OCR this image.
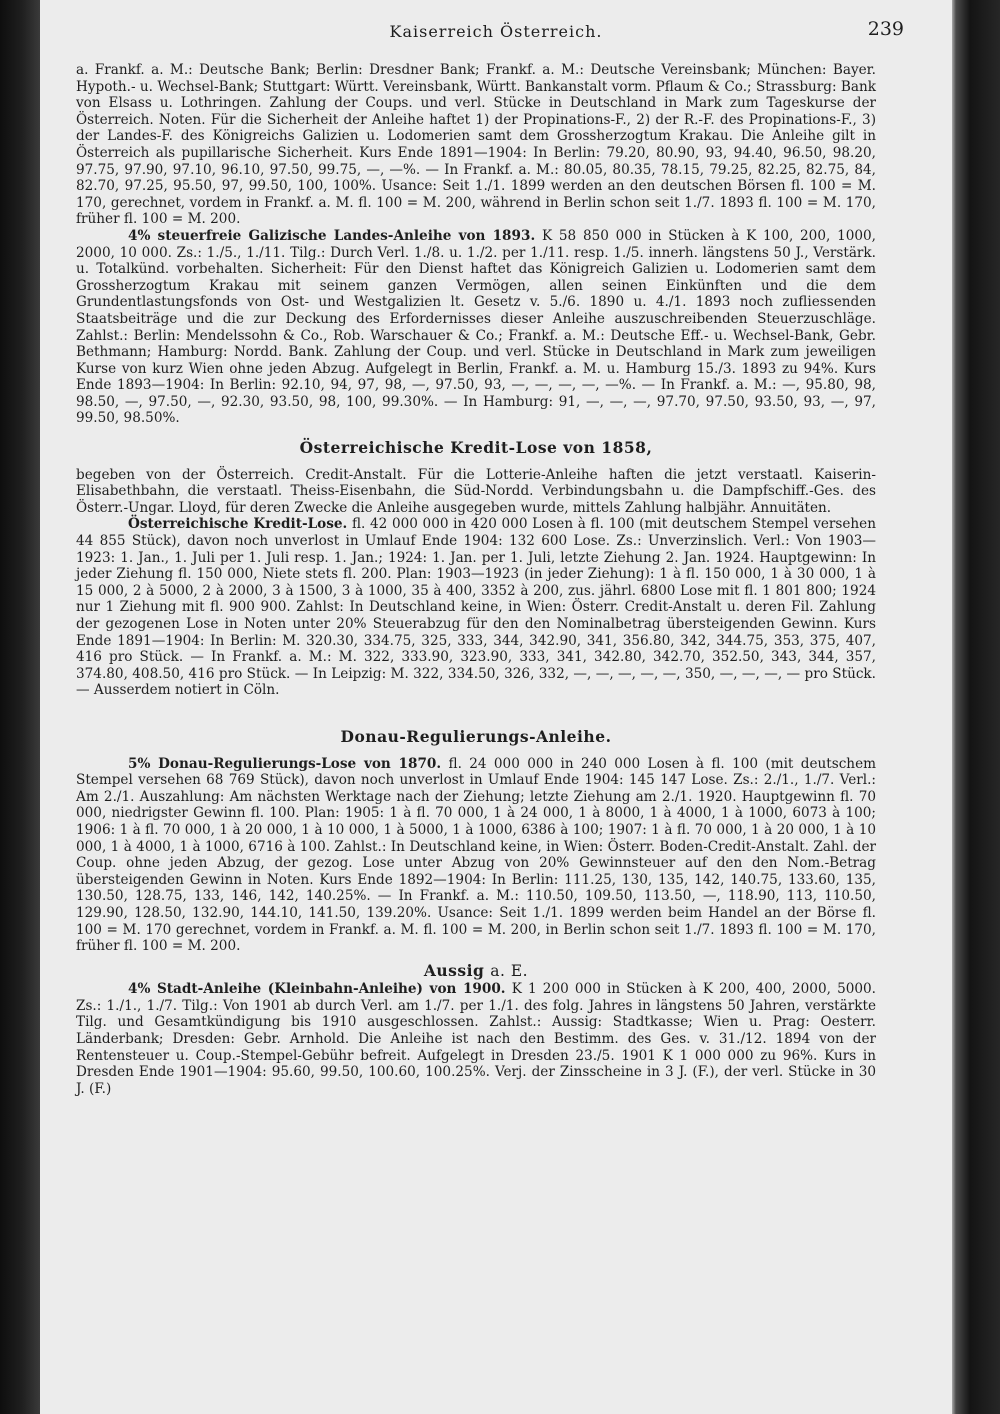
Kaiserreich Österreich.	239

a. Frankf. a. M.: Deutsche Bank; Berlin: Dresdner Bank; Frankf. a. M.: Deutsche Vereinsbank; München: Bayer. Hypoth.- u. Wechsel-Bank; Stuttgart: Württ. Vereinsbank, Württ. Bankanstalt vorm. Pflaum & Co.; Strassburg: Bank von Elsass u. Lothringen. Zahlung der Coups. und verl. Stücke in Deutschland in Mark zum Tageskurse der Österreich. Noten. Für die Sicherheit der Anleihe haftet 1) der Propinations-F., 2) der R.-F. des Propinations-F., 3) der Landes-F. des Königreichs Galizien u. Lodomerien samt dem Grossherzogtum Krakau. Die Anleihe gilt in Österreich als pupillarische Sicherheit. Kurs Ende 1891—1904: In Berlin: 79.20, 80.90, 93, 94.40, 96.50, 98.20, 97.75, 97.90, 97.10, 96.10, 97.50, 99.75, —, —%. — In Frankf. a. M.: 80.05, 80.35, 78.15, 79.25, 82.25, 82.75, 84, 82.70, 97.25, 95.50, 97, 99.50, 100, 100%. Usance: Seit 1./1. 1899 werden an den deutschen Börsen fl. 100 = M. 170, gerechnet, vordem in Frankf. a. M. fl. 100 = M. 200, während in Berlin schon seit 1./7. 1893 fl. 100 = M. 170, früher fl. 100 = M. 200.

4% steuerfreie Galizische Landes-Anleihe von 1893. K 58 850 000 in Stücken à K 100, 200, 1000, 2000, 10 000. Zs.: 1./5., 1./11. Tilg.: Durch Verl. 1./8. u. 1./2. per 1./11. resp. 1./5. innerh. längstens 50 J., Verstärk. u. Totalkünd. vorbehalten. Sicherheit: Für den Dienst haftet das Königreich Galizien u. Lodomerien samt dem Grossherzogtum Krakau mit seinem ganzen Vermögen, allen seinen Einkünften und die dem Grundentlastungsfonds von Ost- und Westgalizien lt. Gesetz v. 5./6. 1890 u. 4./1. 1893 noch zufliessenden Staatsbeiträge und die zur Deckung des Erfordernisses dieser Anleihe auszuschreibenden Steuerzuschläge. Zahlst.: Berlin: Mendelssohn & Co., Rob. Warschauer & Co.; Frankf. a. M.: Deutsche Eff.- u. Wechsel-Bank, Gebr. Bethmann; Hamburg: Nordd. Bank. Zahlung der Coup. und verl. Stücke in Deutschland in Mark zum jeweiligen Kurse von kurz Wien ohne jeden Abzug. Aufgelegt in Berlin, Frankf. a. M. u. Hamburg 15./3. 1893 zu 94%. Kurs Ende 1893—1904: In Berlin: 92.10, 94, 97, 98, —, 97.50, 93, —, —, —, —, —%. — In Frankf. a. M.: —, 95.80, 98, 98.50, —, 97.50, —, 92.30, 93.50, 98, 100, 99.30%. — In Hamburg: 91, —, —, —, 97.70, 97.50, 93.50, 93, —, 97, 99.50, 98.50%.

Österreichische Kredit-Lose von 1858,

begeben von der Österreich. Credit-Anstalt. Für die Lotterie-Anleihe haften die jetzt verstaatl. Kaiserin-Elisabethbahn, die verstaatl. Theiss-Eisenbahn, die Süd-Nordd. Verbindungsbahn u. die Dampfschiff.-Ges. des Österr.-Ungar. Lloyd, für deren Zwecke die Anleihe ausgegeben wurde, mittels Zahlung halbjähr. Annuitäten.

Österreichische Kredit-Lose. fl. 42 000 000 in 420 000 Losen à fl. 100 (mit deutschem Stempel versehen 44 855 Stück), davon noch unverlost in Umlauf Ende 1904: 132 600 Lose. Zs.: Unverzinslich. Verl.: Von 1903—1923: 1. Jan., 1. Juli per 1. Juli resp. 1. Jan.; 1924: 1. Jan. per 1. Juli, letzte Ziehung 2. Jan. 1924. Hauptgewinn: In jeder Ziehung fl. 150 000, Niete stets fl. 200. Plan: 1903—1923 (in jeder Ziehung): 1 à fl. 150 000, 1 à 30 000, 1 à 15 000, 2 à 5000, 2 à 2000, 3 à 1500, 3 à 1000, 35 à 400, 3352 à 200, zus. jährl. 6800 Lose mit fl. 1 801 800; 1924 nur 1 Ziehung mit fl. 900 900. Zahlst: In Deutschland keine, in Wien: Österr. Credit-Anstalt u. deren Fil. Zahlung der gezogenen Lose in Noten unter 20% Steuerabzug für den den Nominalbetrag übersteigenden Gewinn. Kurs Ende 1891—1904: In Berlin: M. 320.30, 334.75, 325, 333, 344, 342.90, 341, 356.80, 342, 344.75, 353, 375, 407, 416 pro Stück. — In Frankf. a. M.: M. 322, 333.90, 323.90, 333, 341, 342.80, 342.70, 352.50, 343, 344, 357, 374.80, 408.50, 416 pro Stück. — In Leipzig: M. 322, 334.50, 326, 332, —, —, —, —, —, 350, —, —, —, — pro Stück. — Ausserdem notiert in Cöln.

Donau-Regulierungs-Anleihe.

5% Donau-Regulierungs-Lose von 1870. fl. 24 000 000 in 240 000 Losen à fl. 100 (mit deutschem Stempel versehen 68 769 Stück), davon noch unverlost in Umlauf Ende 1904: 145 147 Lose. Zs.: 2./1., 1./7. Verl.: Am 2./1. Auszahlung: Am nächsten Werktage nach der Ziehung; letzte Ziehung am 2./1. 1920. Hauptgewinn fl. 70 000, niedrigster Gewinn fl. 100. Plan: 1905: 1 à fl. 70 000, 1 à 24 000, 1 à 8000, 1 à 4000, 1 à 1000, 6073 à 100; 1906: 1 à fl. 70 000, 1 à 20 000, 1 à 10 000, 1 à 5000, 1 à 1000, 6386 à 100; 1907: 1 à fl. 70 000, 1 à 20 000, 1 à 10 000, 1 à 4000, 1 à 1000, 6716 à 100. Zahlst.: In Deutschland keine, in Wien: Österr. Boden-Credit-Anstalt. Zahl. der Coup. ohne jeden Abzug, der gezog. Lose unter Abzug von 20% Gewinnsteuer auf den den Nom.-Betrag übersteigenden Gewinn in Noten. Kurs Ende 1892—1904: In Berlin: 111.25, 130, 135, 142, 140.75, 133.60, 135, 130.50, 128.75, 133, 146, 142, 140.25%. — In Frankf. a. M.: 110.50, 109.50, 113.50, —, 118.90, 113, 110.50, 129.90, 128.50, 132.90, 144.10, 141.50, 139.20%. Usance: Seit 1./1. 1899 werden beim Handel an der Börse fl. 100 = M. 170 gerechnet, vordem in Frankf. a. M. fl. 100 = M. 200, in Berlin schon seit 1./7. 1893 fl. 100 = M. 170, früher fl. 100 = M. 200.

Aussig a. E.

4% Stadt-Anleihe (Kleinbahn-Anleihe) von 1900. K 1 200 000 in Stücken à K 200, 400, 2000, 5000. Zs.: 1./1., 1./7. Tilg.: Von 1901 ab durch Verl. am 1./7. per 1./1. des folg. Jahres in längstens 50 Jahren, verstärkte Tilg. und Gesamtkündigung bis 1910 ausgeschlossen. Zahlst.: Aussig: Stadtkasse; Wien u. Prag: Oesterr. Länderbank; Dresden: Gebr. Arnhold. Die Anleihe ist nach den Bestimm. des Ges. v. 31./12. 1894 von der Rentensteuer u. Coup.-Stempel-Gebühr befreit. Aufgelegt in Dresden 23./5. 1901 K 1 000 000 zu 96%. Kurs in Dresden Ende 1901—1904: 95.60, 99.50, 100.60, 100.25%. Verj. der Zinsscheine in 3 J. (F.), der verl. Stücke in 30 J. (F.)
